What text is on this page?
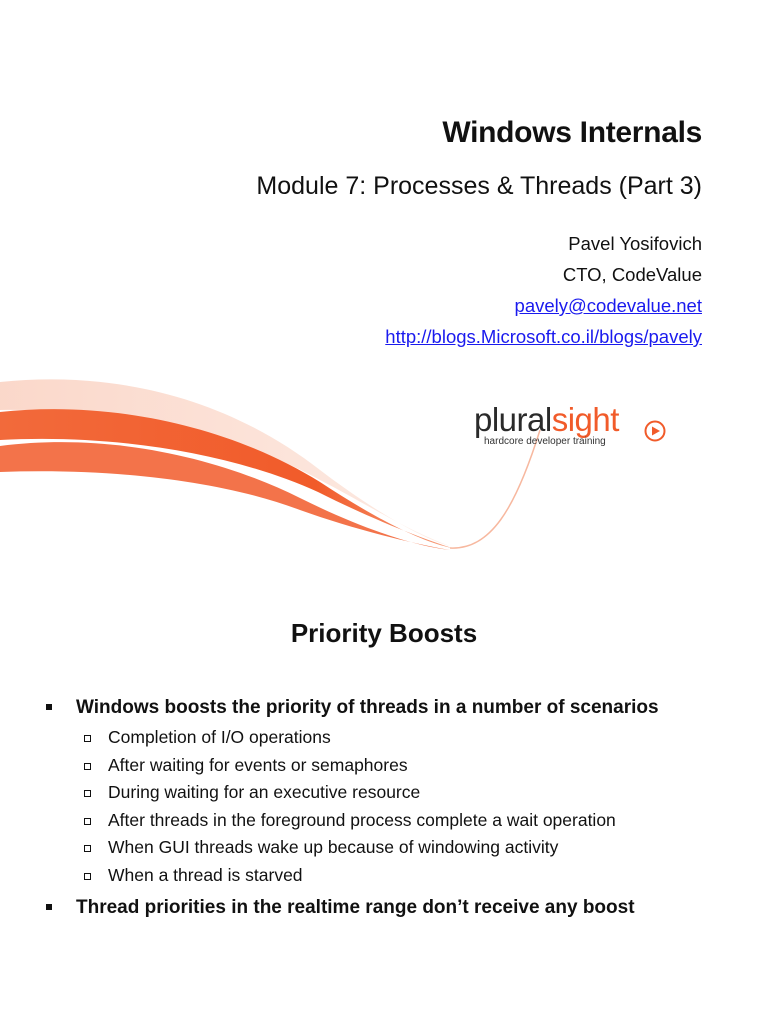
Windows Internals
Module 7: Processes & Threads (Part 3)
Pavel Yosifovich
CTO, CodeValue
pavely@codevalue.net
http://blogs.Microsoft.co.il/blogs/pavely
pluralsight
hardcore developer training
Priority Boosts
Windows boosts the priority of threads in a number of scenarios
Completion of I/O operations
After waiting for events or semaphores
During waiting for an executive resource
After threads in the foreground process complete a wait operation
When GUI threads wake up because of windowing activity
When a thread is starved
Thread priorities in the realtime range don’t receive any boost
